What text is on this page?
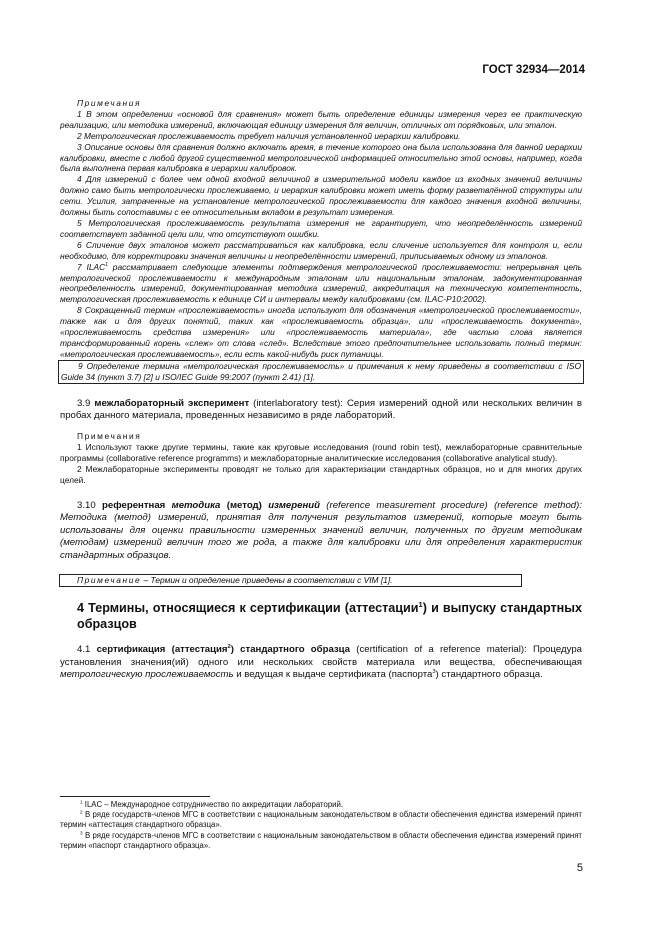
ГОСТ 32934—2014

Примечания

1 В этом определении «основой для сравнения» может быть определение единицы измерения через ее практическую реализацию, или методика измерений, включающая единицу измерения для величин, отличных от порядковых, или эталон.

2 Метрологическая прослеживаемость требует наличия установленной иерархии калибровки.

3 Описание основы для сравнения должно включать время, в течение которого она была использована для данной иерархии калибровки, вместе с любой другой существенной метрологической информацией относительно этой основы, например, когда была выполнена первая калибровка в иерархии калибровок.

4 Для измерений с более чем одной входной величиной в измерительной модели каждое из входных значений величины должно само быть метрологически прослеживаемо, и иерархия калибровки может иметь форму разветвлённой структуры или сети. Усилия, затраченные на установление метрологической прослеживаемости для каждого значения входной величины, должны быть сопоставимы с ее относительным вкладом в результат измерения.

5 Метрологическая прослеживаемость результата измерения не гарантирует, что неопределённость измерений соответствует заданной цели или, что отсутствуют ошибки.

6 Сличение двух эталонов может рассматриваться как калибровка, если сличение используется для контроля и, если необходимо, для корректировки значения величины и неопределённости измерений, приписываемых одному из эталонов.

7 ILAC$^1$ рассматривает следующие элементы подтверждения метрологической прослеживаемости: непрерывная цепь метрологической прослеживаемости к международным эталонам или национальным эталонам, задокументированная неопределенность измерений, документированная методика измерений, аккредитация на техническую компетентность, метрологическая прослеживаемость к единице СИ и интервалы между калибровками (см. ILAC-P10:2002).

8 Сокращенный термин «прослеживаемость» иногда используют для обозначения «метрологической прослеживаемости», также как и для других понятий, таких как «прослеживаемость образца», или «прослеживаемость документа», «прослеживаемость средства измерения» или «прослеживаемость материала», где частью слова является трансформированный корень «слеж» от слова «след». Вследствие этого предпочтительнее использовать полный термин: «метрологическая прослеживаемость», если есть какой-нибудь риск путаницы.

9 Определение термина «метрологическая прослеживаемость» и примечания к нему приведены в соответствии с ISO Guide 34 (пункт 3.7) [2] и ISO/IEC Guide 99:2007 (пункт 2.41) [1].

3.9 межлабораторный эксперимент (interlaboratory test): Серия измерений одной или нескольких величин в пробах данного материала, проведенных независимо в ряде лабораторий.

Примечания

1 Используют также другие термины, такие как круговые исследования (round robin test), межлабораторные сравнительные программы (collaborative reference programms) и межлабораторные аналитические исследования (collaborative analytical study).

2 Межлабораторные эксперименты проводят не только для характеризации стандартных образцов, но и для многих других целей.

3.10 референтная методика (метод) измерений (reference measurement procedure) (reference method): Методика (метод) измерений, принятая для получения результатов измерений, которые могут быть использованы для оценки правильности измеренных значений величин, полученных по другим методикам (методам) измерений величин того же рода, а также для калибровки или для определения характеристик стандартных образцов.

Примечание – Термин и определение приведены в соответствии с VIM [1].
4 Термины, относящиеся к сертификации (аттестации$^1$) и выпуску стандартных образцов

4.1 сертификация (аттестация$^2$) стандартного образца (certification of a reference material): Процедура установления значения(ий) одного или нескольких свойств материала или вещества, обеспечивающая метрологическую прослеживаемость и ведущая к выдаче сертификата (паспорта$^3$) стандартного образца.

$^1$ ILAC – Международное сотрудничество по аккредитации лабораторий.

$^2$ В ряде государств-членов МГС в соответствии с национальным законодательством в области обеспечения единства измерений принят термин «аттестация стандартного образца».

$^3$ В ряде государств-членов МГС в соответствии с национальным законодательством в области обеспечения единства измерений принят термин «паспорт стандартного образца».

5
